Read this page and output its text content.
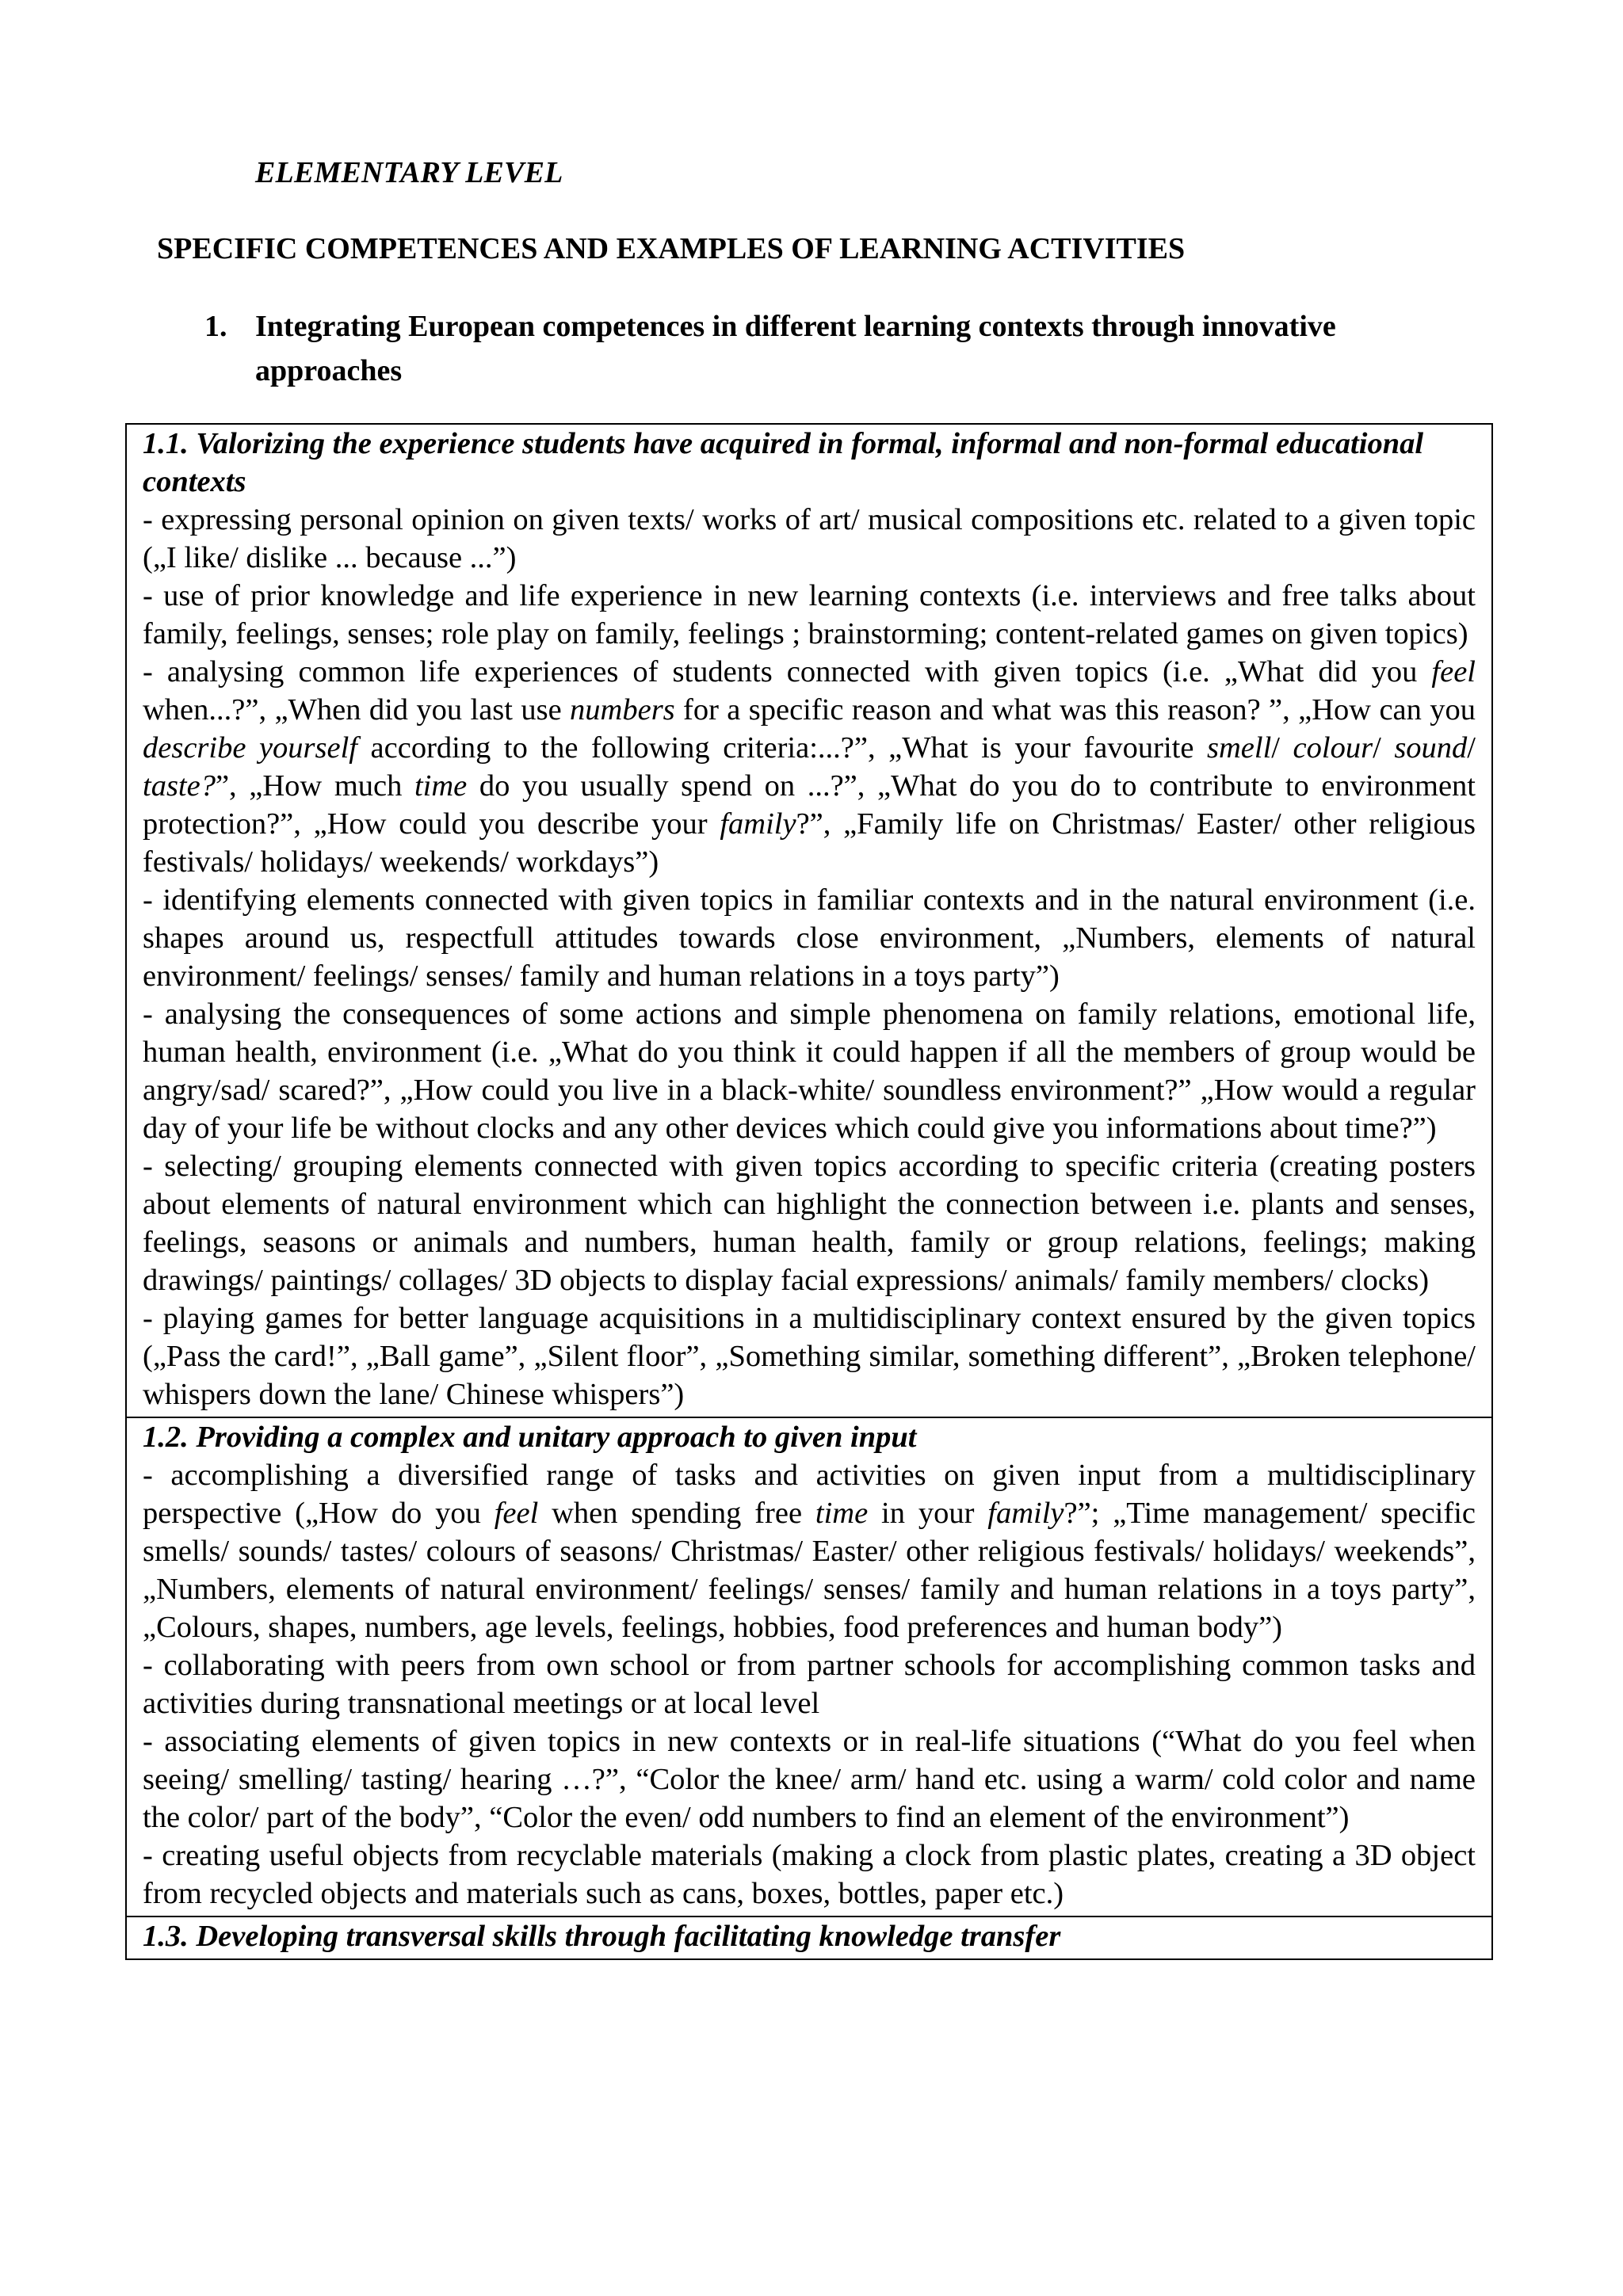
ELEMENTARY LEVEL
SPECIFIC COMPETENCES AND EXAMPLES OF LEARNING ACTIVITIES
1. Integrating European competences in different learning contexts through innovative approaches
1.1. Valorizing the experience students have acquired in formal, informal and non-formal educational contexts
- expressing personal opinion on given texts/ works of art/ musical compositions etc. related to a given topic („I like/ dislike ... because ...”)
- use of prior knowledge and life experience in new learning contexts (i.e. interviews and free talks about family, feelings, senses; role play on family, feelings ; brainstorming; content-related games on given topics)
- analysing common life experiences of students connected with given topics (i.e. „What did you feel when...?”, „When did you last use numbers for a specific reason and what was this reason? ”, „How can you describe yourself according to the following criteria:...?”, „What is your favourite smell/ colour/ sound/ taste?”, „How much time do you usually spend on ...?”, „What do you do to contribute to environment protection?”, „How could you describe your family?”, „Family life on Christmas/ Easter/ other religious festivals/ holidays/ weekends/ workdays”)
- identifying elements connected with given topics in familiar contexts and in the natural environment (i.e. shapes around us, respectfull attitudes towards close environment, „Numbers, elements of natural environment/ feelings/ senses/ family and human relations in a toys party”)
- analysing the consequences of some actions and simple phenomena on family relations, emotional life, human health, environment (i.e. „What do you think it could happen if all the members of group would be angry/sad/ scared?”, „How could you live in a black-white/ soundless environment?” „How would a regular day of your life be without clocks and any other devices which could give you informations about time?”)
- selecting/ grouping elements connected with given topics according to specific criteria (creating posters about elements of natural environment which can highlight the connection between i.e. plants and senses, feelings, seasons or animals and numbers, human health, family or group relations, feelings; making drawings/ paintings/ collages/ 3D objects to display facial expressions/ animals/ family members/ clocks)
- playing games for better language acquisitions in a multidisciplinary context ensured by the given topics („Pass the card!”, „Ball game”, „Silent floor”, „Something similar, something different”, „Broken telephone/ whispers down the lane/ Chinese whispers”)

1.2. Providing a complex and unitary approach to given input
- accomplishing a diversified range of tasks and activities on given input from a multidisciplinary perspective („How do you feel when spending free time in your family?”; „Time management/ specific smells/ sounds/ tastes/ colours of seasons/ Christmas/ Easter/ other religious festivals/ holidays/ weekends”, „Numbers, elements of natural environment/ feelings/ senses/ family and human relations in a toys party”, „Colours, shapes, numbers, age levels, feelings, hobbies, food preferences and human body”)
- collaborating with peers from own school or from partner schools for accomplishing common tasks and activities during transnational meetings or at local level
- associating elements of given topics in new contexts or in real-life situations (“What do you feel when seeing/ smelling/ tasting/ hearing …?”, “Color the knee/ arm/ hand etc. using a warm/ cold color and name the color/ part of the body”, “Color the even/ odd numbers to find an element of the environment”)
- creating useful objects from recyclable materials (making a clock from plastic plates, creating a 3D object from recycled objects and materials such as cans, boxes, bottles, paper etc.)

1.3. Developing transversal skills through facilitating knowledge transfer
